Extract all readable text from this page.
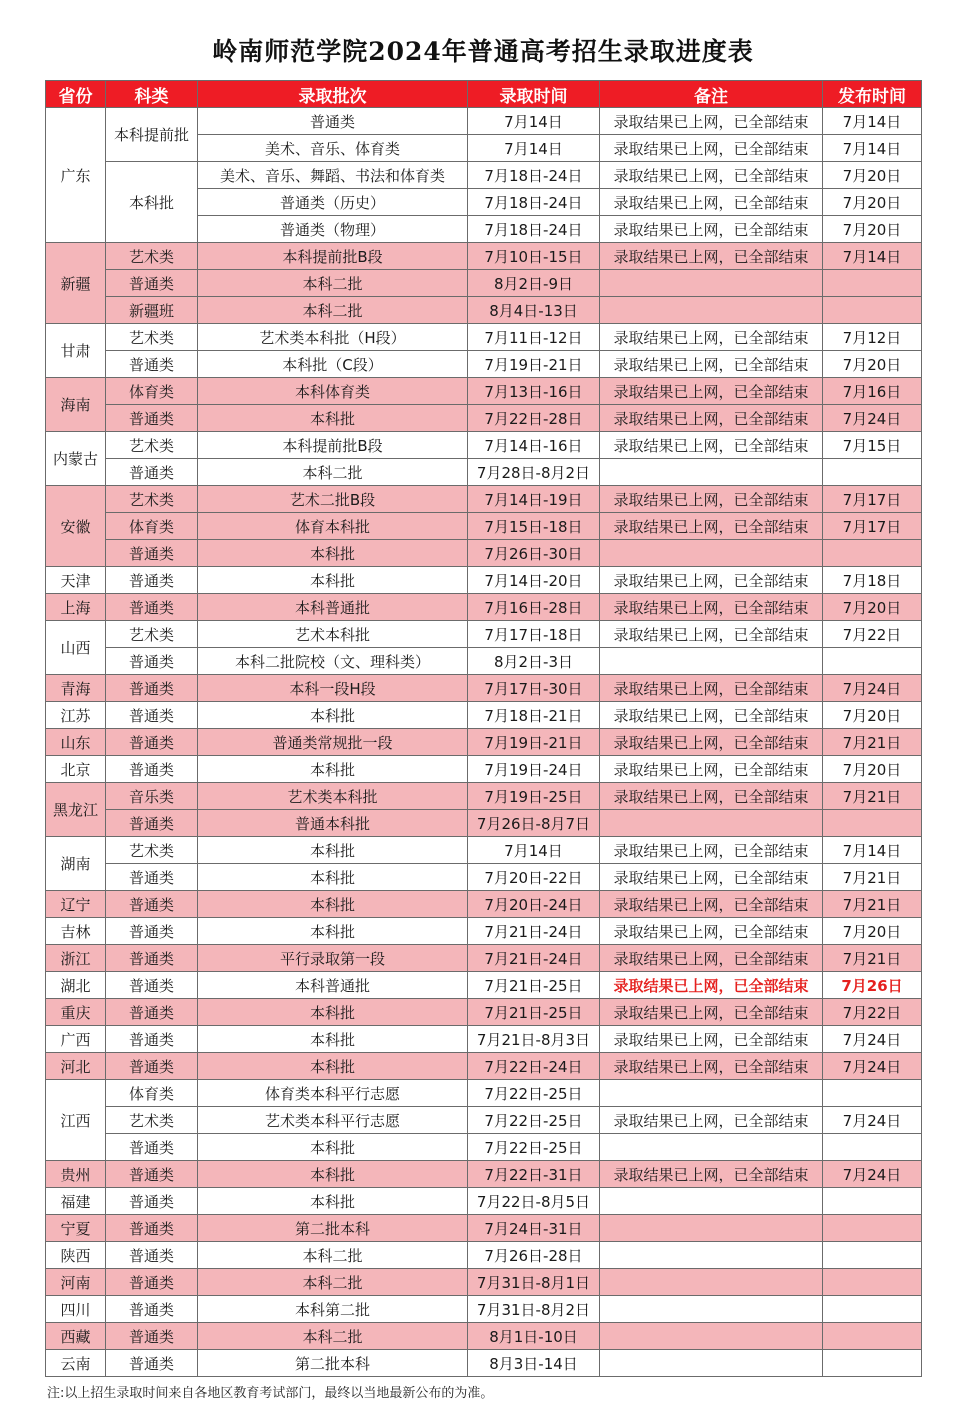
岭南师范学院2024年普通高考招生录取进度表
省份	科类	录取批次	录取时间	备注	发布时间
广东	本科提前批	普通类	7月14日	录取结果已上网，已全部结束	7月14日
		美术、音乐、体育类	7月14日	录取结果已上网，已全部结束	7月14日
	本科批	美术、音乐、舞蹈、书法和体育类	7月18日-24日	录取结果已上网，已全部结束	7月20日
		普通类（历史）	7月18日-24日	录取结果已上网，已全部结束	7月20日
		普通类（物理）	7月18日-24日	录取结果已上网，已全部结束	7月20日
新疆	艺术类	本科提前批B段	7月10日-15日	录取结果已上网，已全部结束	7月14日
	普通类	本科二批	8月2日-9日		
	新疆班	本科二批	8月4日-13日		
甘肃	艺术类	艺术类本科批（H段）	7月11日-12日	录取结果已上网，已全部结束	7月12日
	普通类	本科批（C段）	7月19日-21日	录取结果已上网，已全部结束	7月20日
海南	体育类	本科体育类	7月13日-16日	录取结果已上网，已全部结束	7月16日
	普通类	本科批	7月22日-28日	录取结果已上网，已全部结束	7月24日
内蒙古	艺术类	本科提前批B段	7月14日-16日	录取结果已上网，已全部结束	7月15日
	普通类	本科二批	7月28日-8月2日		
安徽	艺术类	艺术二批B段	7月14日-19日	录取结果已上网，已全部结束	7月17日
	体育类	体育本科批	7月15日-18日	录取结果已上网，已全部结束	7月17日
	普通类	本科批	7月26日-30日		
天津	普通类	本科批	7月14日-20日	录取结果已上网，已全部结束	7月18日
上海	普通类	本科普通批	7月16日-28日	录取结果已上网，已全部结束	7月20日
山西	艺术类	艺术本科批	7月17日-18日	录取结果已上网，已全部结束	7月22日
	普通类	本科二批院校（文、理科类）	8月2日-3日		
青海	普通类	本科一段H段	7月17日-30日	录取结果已上网，已全部结束	7月24日
江苏	普通类	本科批	7月18日-21日	录取结果已上网，已全部结束	7月20日
山东	普通类	普通类常规批一段	7月19日-21日	录取结果已上网，已全部结束	7月21日
北京	普通类	本科批	7月19日-24日	录取结果已上网，已全部结束	7月20日
黑龙江	音乐类	艺术类本科批	7月19日-25日	录取结果已上网，已全部结束	7月21日
	普通类	普通本科批	7月26日-8月7日		
湖南	艺术类	本科批	7月14日	录取结果已上网，已全部结束	7月14日
	普通类	本科批	7月20日-22日	录取结果已上网，已全部结束	7月21日
辽宁	普通类	本科批	7月20日-24日	录取结果已上网，已全部结束	7月21日
吉林	普通类	本科批	7月21日-24日	录取结果已上网，已全部结束	7月20日
浙江	普通类	平行录取第一段	7月21日-24日	录取结果已上网，已全部结束	7月21日
湖北	普通类	本科普通批	7月21日-25日	录取结果已上网，已全部结束	7月26日
重庆	普通类	本科批	7月21日-25日	录取结果已上网，已全部结束	7月22日
广西	普通类	本科批	7月21日-8月3日	录取结果已上网，已全部结束	7月24日
河北	普通类	本科批	7月22日-24日	录取结果已上网，已全部结束	7月24日
江西	体育类	体育类本科平行志愿	7月22日-25日		
	艺术类	艺术类本科平行志愿	7月22日-25日	录取结果已上网，已全部结束	7月24日
	普通类	本科批	7月22日-25日		
贵州	普通类	本科批	7月22日-31日	录取结果已上网，已全部结束	7月24日
福建	普通类	本科批	7月22日-8月5日		
宁夏	普通类	第二批本科	7月24日-31日		
陕西	普通类	本科二批	7月26日-28日		
河南	普通类	本科二批	7月31日-8月1日		
四川	普通类	本科第二批	7月31日-8月2日		
西藏	普通类	本科二批	8月1日-10日		
云南	普通类	第二批本科	8月3日-14日		
注:以上招生录取时间来自各地区教育考试部门，最终以当地最新公布的为准。
